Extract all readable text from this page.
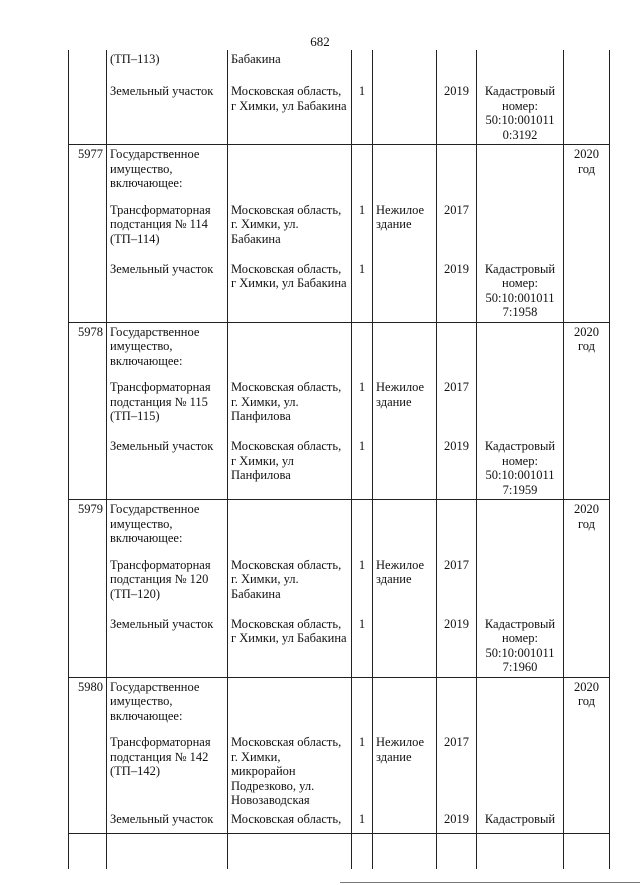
682
	(ТП–113)	Бабакина					
	Земельный участок	Московская область, г Химки, ул Бабакина	1		2019	Кадастровый номер: 50:10:001011 0:3192	
5977	Государственное имущество, включающее:						2020 год
	Трансформаторная подстанция № 114 (ТП–114)	Московская область, г. Химки, ул. Бабакина	1	Нежилое здание	2017		
	Земельный участок	Московская область, г Химки, ул Бабакина	1		2019	Кадастровый номер: 50:10:001011 7:1958	
5978	Государственное имущество, включающее:						2020 год
	Трансформаторная подстанция № 115 (ТП–115)	Московская область, г. Химки, ул. Панфилова	1	Нежилое здание	2017		
	Земельный участок	Московская область, г Химки, ул Панфилова	1		2019	Кадастровый номер: 50:10:001011 7:1959	
5979	Государственное имущество, включающее:						2020 год
	Трансформаторная подстанция № 120 (ТП–120)	Московская область, г. Химки, ул. Бабакина	1	Нежилое здание	2017		
	Земельный участок	Московская область, г Химки, ул Бабакина	1		2019	Кадастровый номер: 50:10:001011 7:1960	
5980	Государственное имущество, включающее:						2020 год
	Трансформаторная подстанция № 142 (ТП–142)	Московская область, г. Химки, микрорайон Подрезково, ул. Новозаводская	1	Нежилое здание	2017		
	Земельный участок	Московская область,	1		2019	Кадастровый	
